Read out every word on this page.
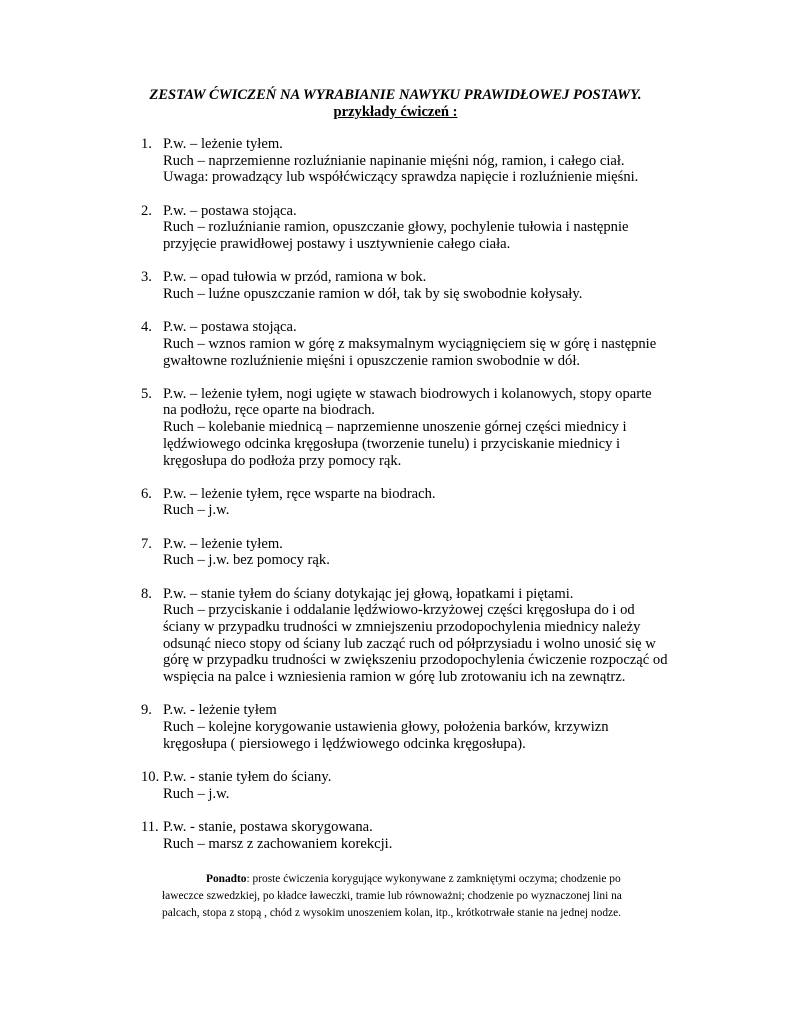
ZESTAW ĆWICZEŃ NA WYRABIANIE NAWYKU PRAWIDŁOWEJ POSTAWY.
przykłady ćwiczeń :
1. P.w. – leżenie tyłem.
Ruch – naprzemienne rozluźnianie napinanie mięśni nóg, ramion, i całego ciał.
Uwaga: prowadzący lub współćwiczący sprawdza napięcie i rozluźnienie mięśni.
2. P.w. – postawa stojąca.
Ruch – rozluźnianie ramion, opuszczanie głowy, pochylenie tułowia i następnie
przyjęcie prawidłowej postawy i usztywnienie całego ciała.
3. P.w. – opad tułowia w przód, ramiona w bok.
Ruch – luźne opuszczanie ramion w dół, tak by się swobodnie kołysały.
4. P.w. – postawa stojąca.
Ruch – wznos ramion w górę z maksymalnym wyciągnięciem się w górę i następnie
gwałtowne rozluźnienie mięśni i opuszczenie ramion swobodnie w dół.
5. P.w. – leżenie tyłem, nogi ugięte w stawach biodrowych i kolanowych, stopy oparte
na podłożu, ręce oparte na biodrach.
Ruch – kolebanie miednicą – naprzemienne unoszenie górnej części miednicy i
lędźwiowego odcinka kręgosłupa (tworzenie tunelu) i przyciskanie miednicy i
kręgosłupa do podłoża przy pomocy rąk.
6. P.w. – leżenie tyłem, ręce wsparte na biodrach.
Ruch – j.w.
7. P.w. – leżenie tyłem.
Ruch – j.w. bez pomocy rąk.
8. P.w. – stanie tyłem do ściany dotykając jej głową, łopatkami i piętami.
Ruch – przyciskanie i oddalanie lędźwiowo-krzyżowej części kręgosłupa do i od
ściany w przypadku trudności w zmniejszeniu przodopochylenia miednicy należy
odsunąć nieco stopy od ściany lub zacząć ruch od półprzysiadu i wolno unosić się w
górę w przypadku trudności w zwiększeniu przodopochylenia ćwiczenie rozpocząć od
wspięcia na palce i wzniesienia ramion w górę lub zrotowaniu ich na zewnątrz.
9. P.w. - leżenie tyłem
Ruch – kolejne korygowanie ustawienia głowy, położenia barków, krzywizn
kręgosłupa ( piersiowego i lędźwiowego odcinka kręgosłupa).
10. P.w. - stanie tyłem do ściany.
Ruch – j.w.
11. P.w. - stanie, postawa skorygowana.
Ruch – marsz z zachowaniem korekcji.
Ponadto: proste ćwiczenia korygujące wykonywane z zamkniętymi oczyma; chodzenie po
ławeczce szwedzkiej, po kładce ławeczki, tramie lub równoważni; chodzenie po wyznaczonej lini na
palcach, stopa z stopą , chód z wysokim unoszeniem kolan, itp., krótkotrwałe stanie na jednej nodze.
